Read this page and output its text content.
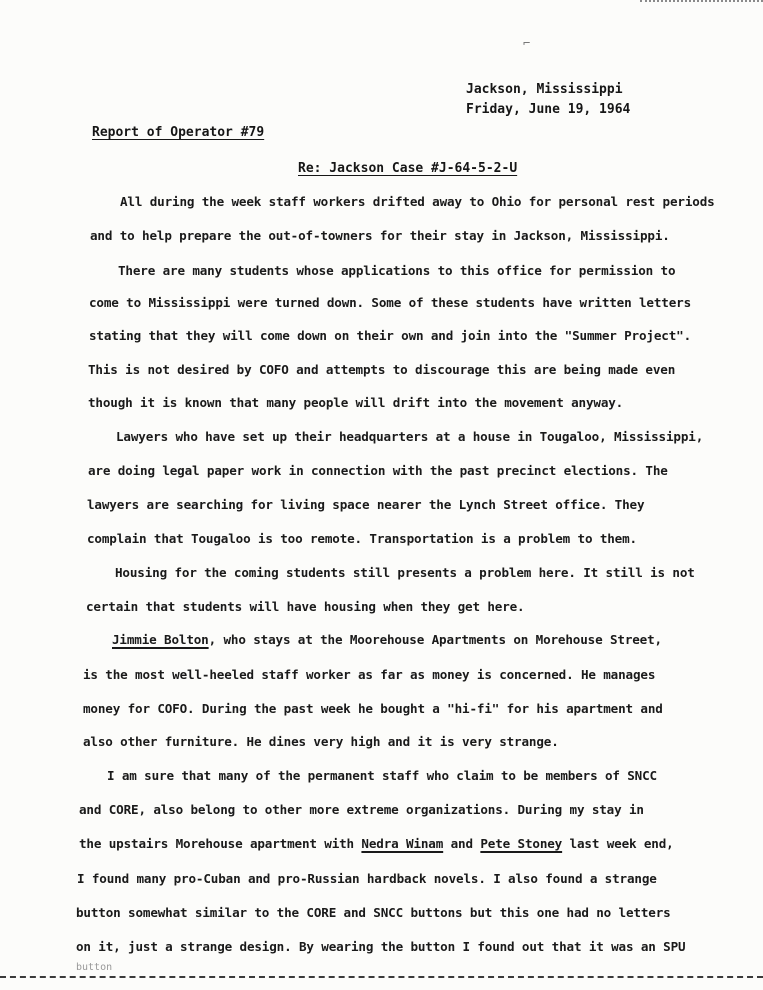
⌐
Jackson, Mississippi
Friday, June 19, 1964
Report of Operator #79
Re: Jackson Case #J-64-5-2-U
All during the week staff workers drifted away to Ohio for personal rest periods
and to help prepare the out-of-towners for their stay in Jackson, Mississippi.
There are many students whose applications to this office for permission to
come to Mississippi were turned down. Some of these students have written letters
stating that they will come down on their own and join into the "Summer Project".
This is not desired by COFO and attempts to discourage this are being made even
though it is known that many people will drift into the movement anyway.
Lawyers who have set up their headquarters at a house in Tougaloo, Mississippi,
are doing legal paper work in connection with the past precinct elections. The
lawyers are searching for living space nearer the Lynch Street office. They
complain that Tougaloo is too remote. Transportation is a problem to them.
Housing for the coming students still presents a problem here. It still is not
certain that students will have housing when they get here.
Jimmie Bolton, who stays at the Moorehouse Apartments on Morehouse Street,
is the most well-heeled staff worker as far as money is concerned. He manages
money for COFO. During the past week he bought a "hi-fi" for his apartment and
also other furniture. He dines very high and it is very strange.
I am sure that many of the permanent staff who claim to be members of SNCC
and CORE, also belong to other more extreme organizations. During my stay in
the upstairs Morehouse apartment with Nedra Winam and Pete Stoney last week end,
I found many pro-Cuban and pro-Russian hardback novels. I also found a strange
button somewhat similar to the CORE and SNCC buttons but this one had no letters
on it, just a strange design. By wearing the button I found out that it was an SPU
button
